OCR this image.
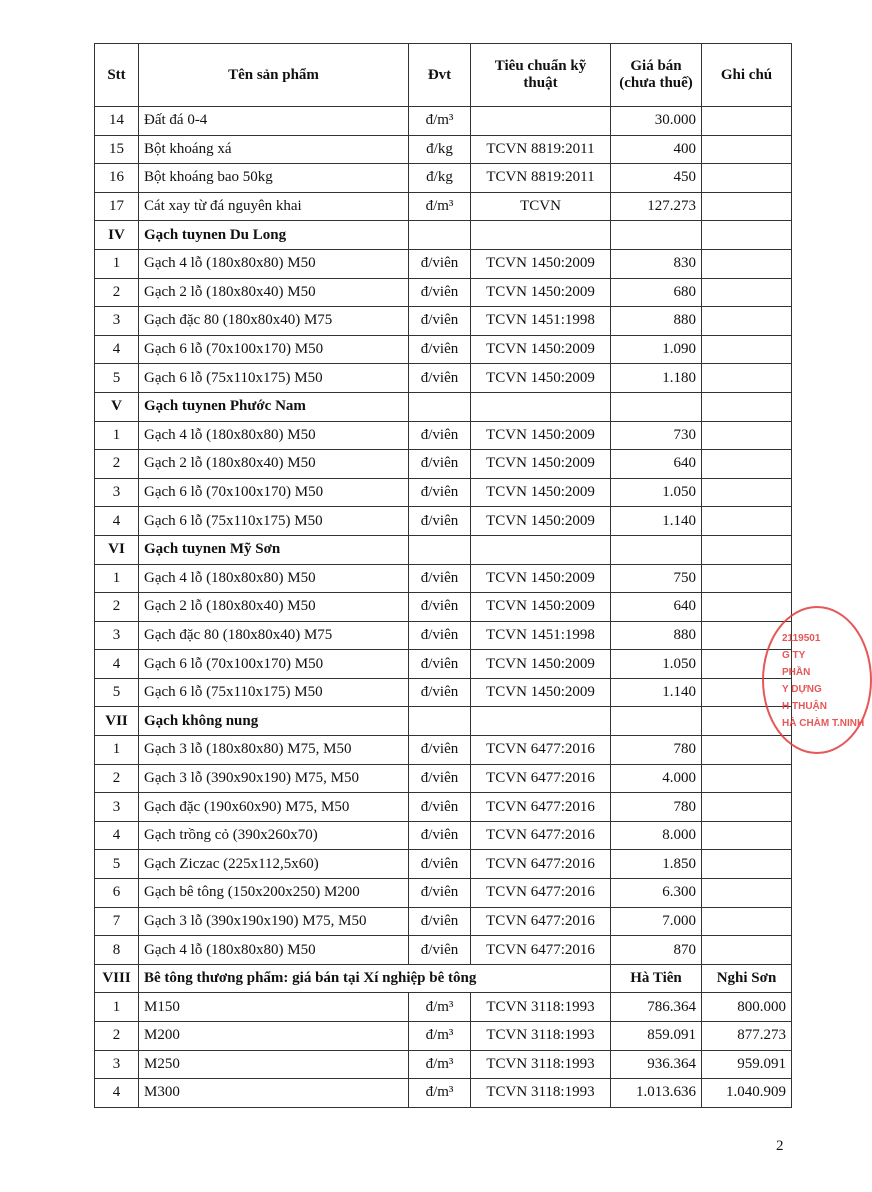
Stt	Tên sản phẩm	Đvt	Tiêu chuẩn kỹ thuật	Giá bán (chưa thuế)	Ghi chú
14	Đất đá 0-4	đ/m³		30.000	
15	Bột khoáng xá	đ/kg	TCVN 8819:2011	400	
16	Bột khoáng bao 50kg	đ/kg	TCVN 8819:2011	450	
17	Cát xay từ đá nguyên khai	đ/m³	TCVN	127.273	
IV	Gạch tuynen Du Long				
1	Gạch 4 lỗ (180x80x80) M50	đ/viên	TCVN 1450:2009	830	
2	Gạch 2 lỗ (180x80x40) M50	đ/viên	TCVN 1450:2009	680	
3	Gạch đặc 80 (180x80x40) M75	đ/viên	TCVN 1451:1998	880	
4	Gạch 6 lỗ (70x100x170) M50	đ/viên	TCVN 1450:2009	1.090	
5	Gạch 6 lỗ (75x110x175) M50	đ/viên	TCVN 1450:2009	1.180	
V	Gạch tuynen Phước Nam				
1	Gạch 4 lỗ (180x80x80) M50	đ/viên	TCVN 1450:2009	730	
2	Gạch 2 lỗ (180x80x40) M50	đ/viên	TCVN 1450:2009	640	
3	Gạch 6 lỗ (70x100x170) M50	đ/viên	TCVN 1450:2009	1.050	
4	Gạch 6 lỗ (75x110x175) M50	đ/viên	TCVN 1450:2009	1.140	
VI	Gạch tuynen Mỹ Sơn				
1	Gạch 4 lỗ (180x80x80) M50	đ/viên	TCVN 1450:2009	750	
2	Gạch 2 lỗ (180x80x40) M50	đ/viên	TCVN 1450:2009	640	
3	Gạch đặc 80 (180x80x40) M75	đ/viên	TCVN 1451:1998	880	
4	Gạch 6 lỗ (70x100x170) M50	đ/viên	TCVN 1450:2009	1.050	
5	Gạch 6 lỗ (75x110x175) M50	đ/viên	TCVN 1450:2009	1.140	
VII	Gạch không nung				
1	Gạch 3 lỗ (180x80x80) M75, M50	đ/viên	TCVN 6477:2016	780	
2	Gạch 3 lỗ (390x90x190) M75, M50	đ/viên	TCVN 6477:2016	4.000	
3	Gạch đặc (190x60x90) M75, M50	đ/viên	TCVN 6477:2016	780	
4	Gạch trồng cỏ (390x260x70)	đ/viên	TCVN 6477:2016	8.000	
5	Gạch Ziczac (225x112,5x60)	đ/viên	TCVN 6477:2016	1.850	
6	Gạch bê tông (150x200x250) M200	đ/viên	TCVN 6477:2016	6.300	
7	Gạch 3 lỗ (390x190x190) M75, M50	đ/viên	TCVN 6477:2016	7.000	
8	Gạch 4 lỗ (180x80x80) M50	đ/viên	TCVN 6477:2016	870	
VIII	Bê tông thương phẩm: giá bán tại Xí nghiệp bê tông			Hà Tiên	Nghi Sơn
1	M150	đ/m³	TCVN 3118:1993	786.364	800.000
2	M200	đ/m³	TCVN 3118:1993	859.091	877.273
3	M250	đ/m³	TCVN 3118:1993	936.364	959.091
4	M300	đ/m³	TCVN 3118:1993	1.013.636	1.040.909
2119501
G TY
PHẦN
Y DỰNG
H THUẬN
HÀ CHÀM T.NINH
2
